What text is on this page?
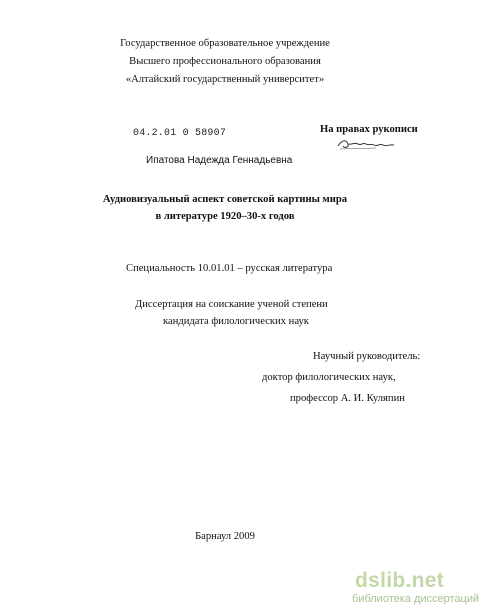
Государственное образовательное учреждение
Высшего профессионального образования
«Алтайский государственный университет»
04.2.01 0 58907	На правах рукописи
Ипатова Надежда Геннадьевна
Аудиовизуальный аспект советской картины мира
в литературе 1920–30-х годов
Специальность 10.01.01 – русская литература
Диссертация на соискание ученой степени
кандидата филологических наук
Научный руководитель:
доктор филологических наук,
профессор А. И. Куляпин
Барнаул 2009
dslib.net
библиотека диссертаций
